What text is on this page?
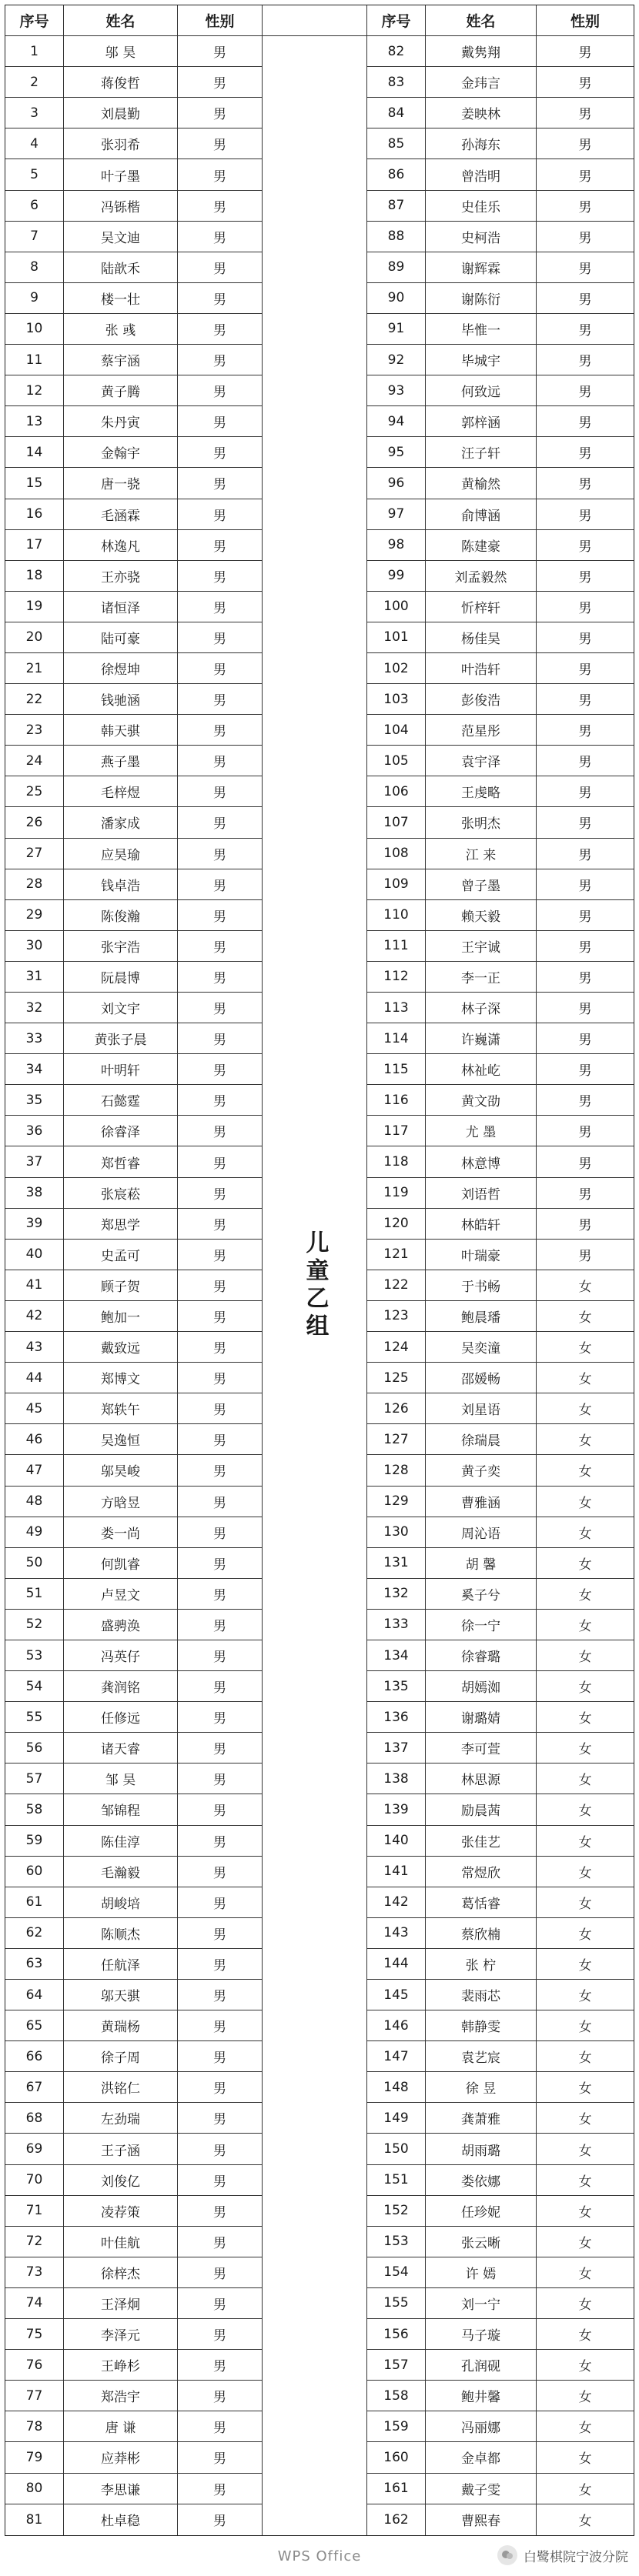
序号	姓名	性别	序号	姓名	性别
儿童乙组
1	邬 昊	男	82	戴隽翔	男
2	蒋俊哲	男	83	金玮言	男
3	刘晨勤	男	84	姜映林	男
4	张羽希	男	85	孙海东	男
5	叶子墨	男	86	曾浩明	男
6	冯铄楷	男	87	史佳乐	男
7	吴文迪	男	88	史柯浩	男
8	陆歆禾	男	89	谢辉霖	男
9	楼一壮	男	90	谢陈衍	男
10	张 彧	男	91	毕惟一	男
11	蔡宇涵	男	92	毕城宇	男
12	黄子腾	男	93	何致远	男
13	朱丹寅	男	94	郭梓涵	男
14	金翰宇	男	95	汪子轩	男
15	唐一骁	男	96	黄榆然	男
16	毛涵霖	男	97	俞博涵	男
17	林逸凡	男	98	陈建豪	男
18	王亦骁	男	99	刘孟毅然	男
19	诸恒泽	男	100	忻梓轩	男
20	陆可豪	男	101	杨佳昊	男
21	徐煜坤	男	102	叶浩轩	男
22	钱驰涵	男	103	彭俊浩	男
23	韩天骐	男	104	范星彤	男
24	燕子墨	男	105	袁宇泽	男
25	毛梓煜	男	106	王虔略	男
26	潘家成	男	107	张明杰	男
27	应昊瑜	男	108	江 来	男
28	钱卓浩	男	109	曾子墨	男
29	陈俊瀚	男	110	赖天毅	男
30	张宇浩	男	111	王宇诚	男
31	阮晨博	男	112	李一正	男
32	刘文宇	男	113	林子深	男
33	黄张子晨	男	114	许巍潇	男
34	叶明轩	男	115	林祉屹	男
35	石懿霆	男	116	黄文劭	男
36	徐睿泽	男	117	尤 墨	男
37	郑哲睿	男	118	林意博	男
38	张宸菘	男	119	刘语哲	男
39	郑思学	男	120	林皓轩	男
40	史孟可	男	121	叶瑞豪	男
41	顾子贺	男	122	于书畅	女
42	鲍加一	男	123	鲍晨璠	女
43	戴致远	男	124	吴奕潼	女
44	郑博文	男	125	邵媛畅	女
45	郑轶午	男	126	刘星语	女
46	吴逸恒	男	127	徐瑞晨	女
47	邬昊峻	男	128	黄子奕	女
48	方晗昱	男	129	曹雅涵	女
49	娄一尚	男	130	周沁语	女
50	何凯睿	男	131	胡 馨	女
51	卢昱文	男	132	奚子兮	女
52	盛骋涣	男	133	徐一宁	女
53	冯英仔	男	134	徐睿璐	女
54	龚润铭	男	135	胡嫣洳	女
55	任修远	男	136	谢璐婧	女
56	诸天睿	男	137	李可萱	女
57	邹 昊	男	138	林思源	女
58	邹锦程	男	139	励晨茜	女
59	陈佳淳	男	140	张佳艺	女
60	毛瀚毅	男	141	常煜欣	女
61	胡峻培	男	142	葛恬睿	女
62	陈顺杰	男	143	蔡欣楠	女
63	任航泽	男	144	张 柠	女
64	邬天骐	男	145	裴雨芯	女
65	黄瑞杨	男	146	韩静雯	女
66	徐子周	男	147	袁艺宸	女
67	洪铭仁	男	148	徐 昱	女
68	左劲瑞	男	149	龚萧雅	女
69	王子涵	男	150	胡雨璐	女
70	刘俊亿	男	151	娄依娜	女
71	凌荐策	男	152	任珍妮	女
72	叶佳航	男	153	张云晰	女
73	徐梓杰	男	154	许 嫣	女
74	王泽炯	男	155	刘一宁	女
75	李泽元	男	156	马子璇	女
76	王峥杉	男	157	孔润砚	女
77	郑浩宇	男	158	鲍井馨	女
78	唐 谦	男	159	冯丽娜	女
79	应莽彬	男	160	金卓都	女
80	李思谦	男	161	戴子雯	女
81	杜卓稳	男	162	曹熙春	女
WPS Office	白鹭棋院宁波分院
